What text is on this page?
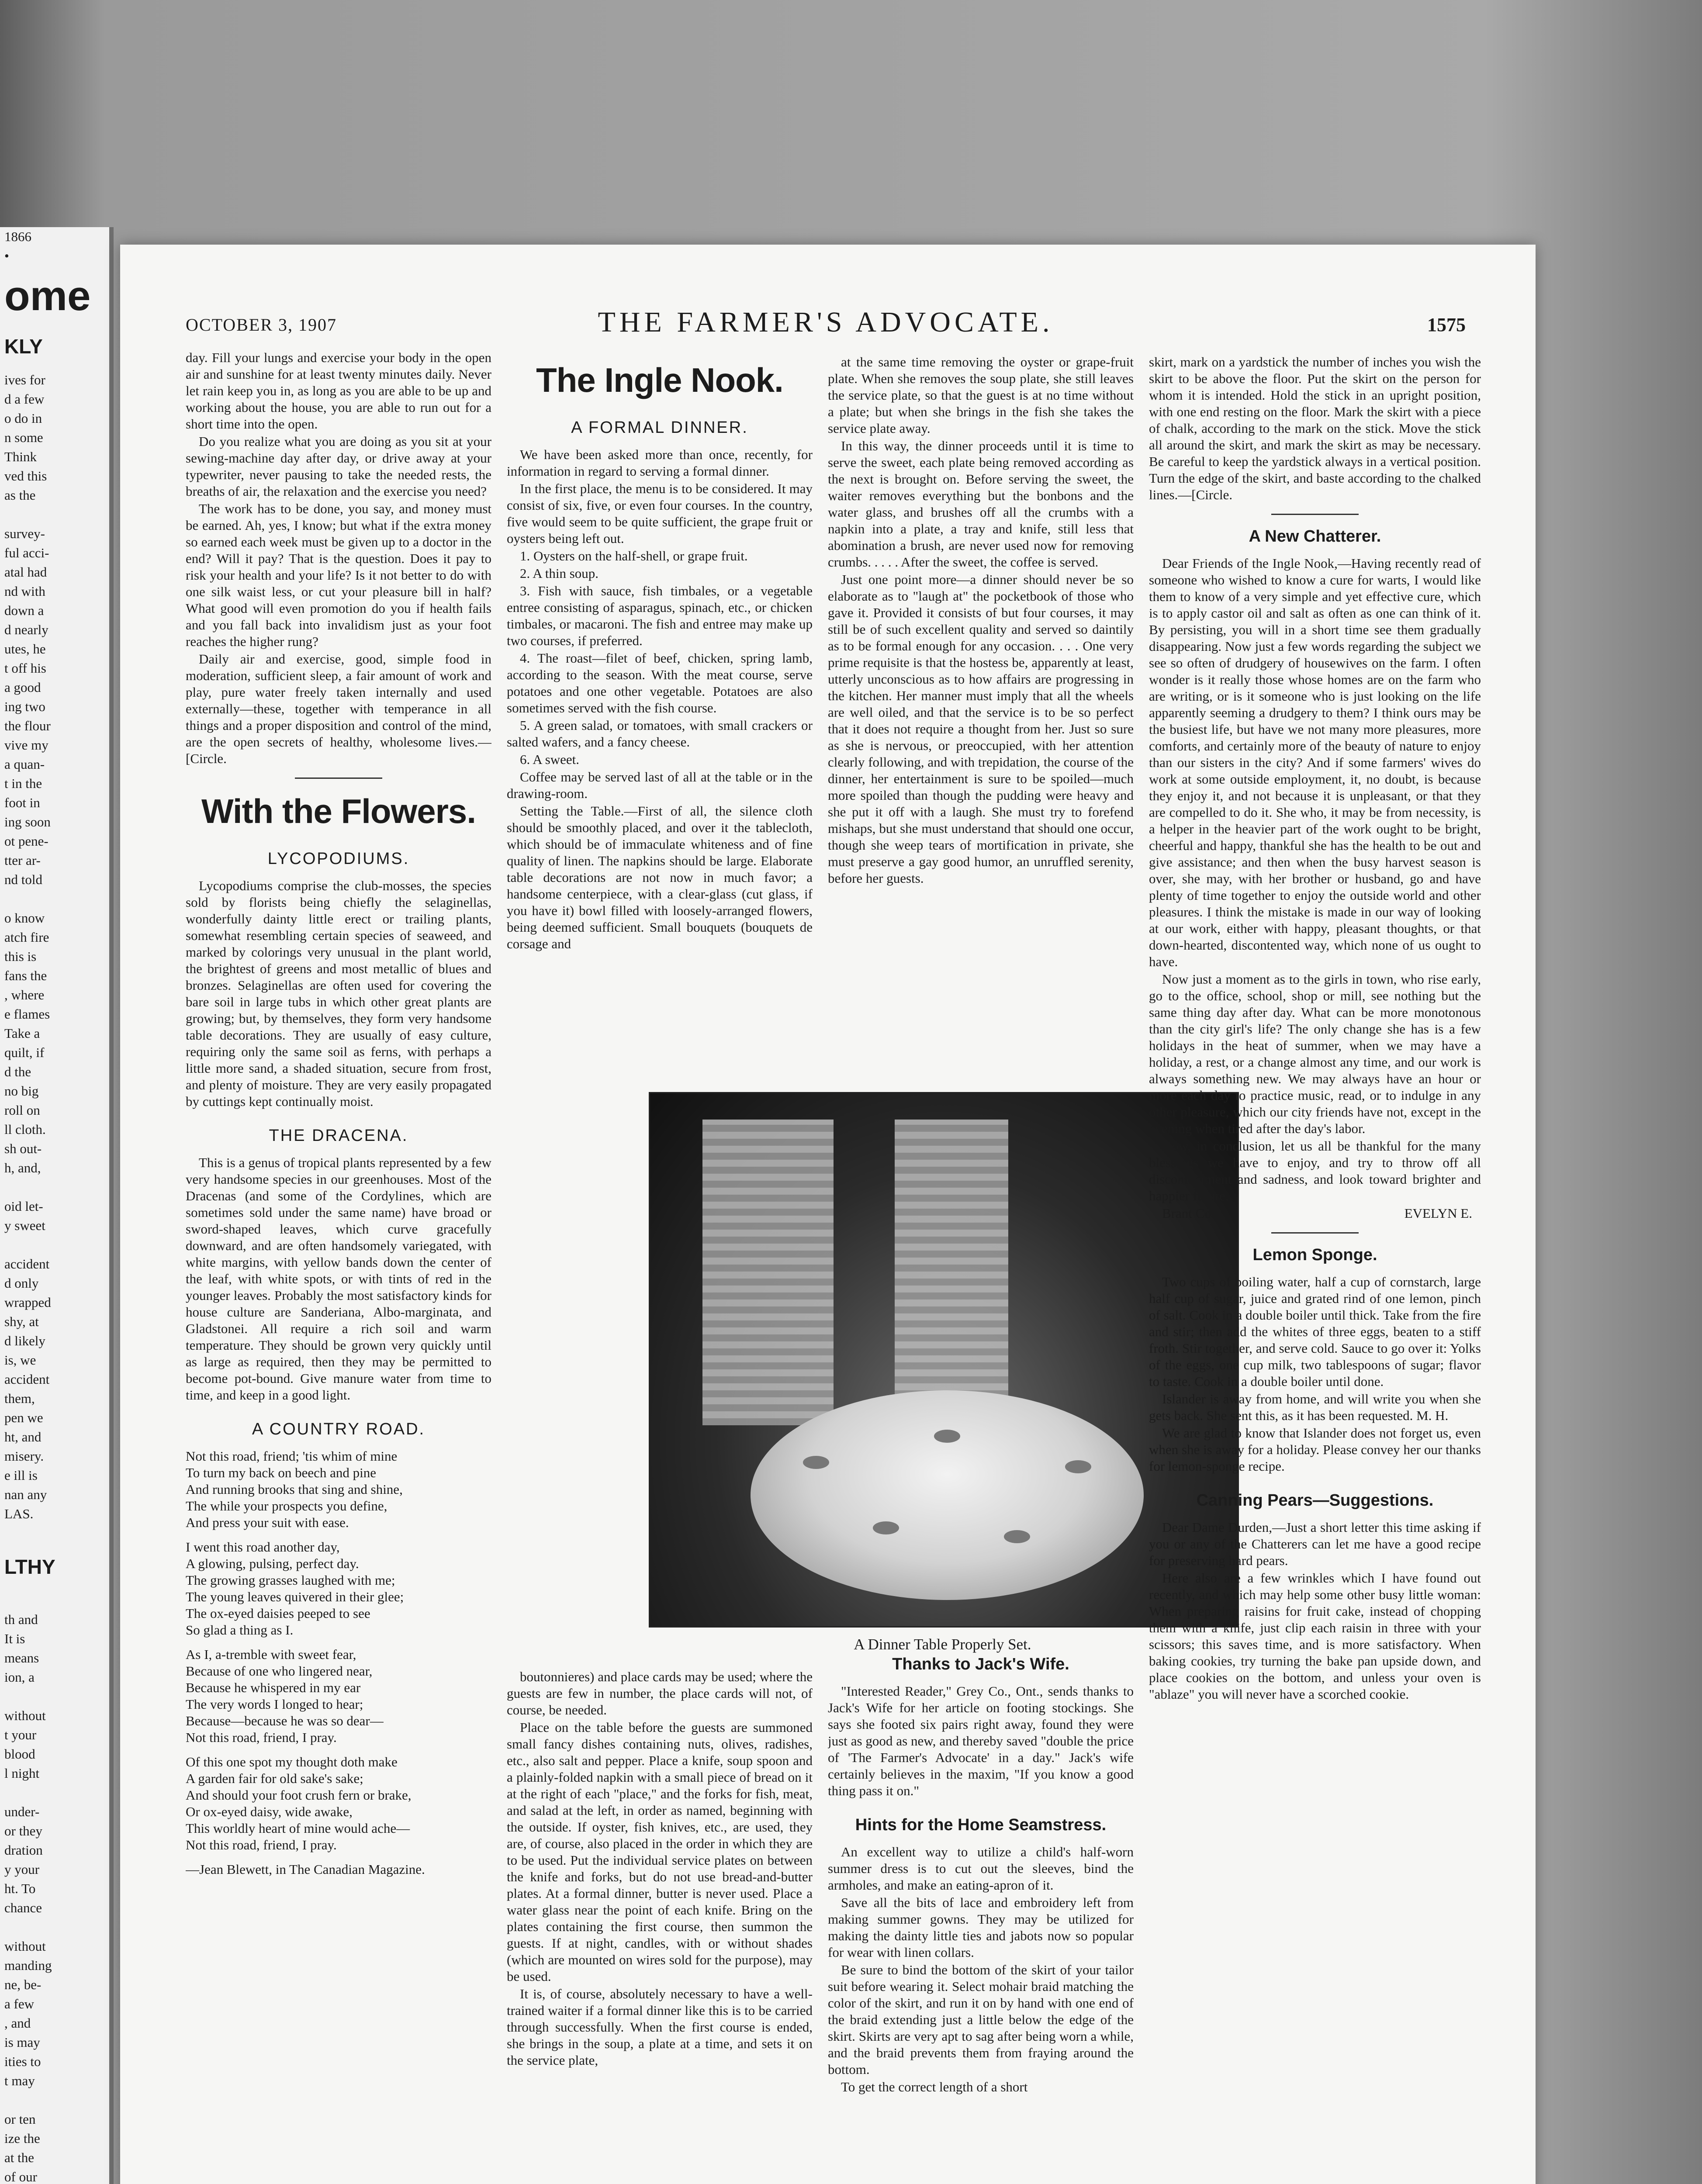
1866
•
ome
KLY
ives for
d a few
o do in
n some
Think
ved this
as the

survey-
ful acci-
atal had
nd with
down a
d nearly
utes, he
t off his
a good
ing two
the flour
vive my
a quan-
t in the
foot in
ing soon
ot pene-
tter ar-
nd told

o know
atch fire
this is
fans the
, where
e flames
Take a
quilt, if
d the
no big
roll on
ll cloth.
sh out-
h, and,

oid let-
y sweet

accident
d only
wrapped
shy, at
d likely
is, we
accident
them,
pen we
ht, and
misery.
e ill is
nan any
LAS.

LTHY

th and
It is
means
ion, a

without
t your
blood
l night

under-
or they
dration
y your
ht. To
chance

without
manding
ne, be-
a few
, and
is may
ities to
t may

or ten
ize the
at the
of our

OCTOBER 3, 1907	THE FARMER'S ADVOCATE.	1575

day. Fill your lungs and exercise your body in the open air and sunshine for at least twenty minutes daily. Never let rain keep you in, as long as you are able to be up and working about the house, you are able to run out for a short time into the open.

Do you realize what you are doing as you sit at your sewing-machine day after day, or drive away at your typewriter, never pausing to take the needed rests, the breaths of air, the relaxation and the exercise you need?

The work has to be done, you say, and money must be earned. Ah, yes, I know; but what if the extra money so earned each week must be given up to a doctor in the end? Will it pay? That is the question. Does it pay to risk your health and your life? Is it not better to do with one silk waist less, or cut your pleasure bill in half? What good will even promotion do you if health fails and you fall back into invalidism just as your foot reaches the higher rung?

Daily air and exercise, good, simple food in moderation, sufficient sleep, a fair amount of work and play, pure water freely taken internally and used externally—these, together with temperance in all things and a proper disposition and control of the mind, are the open secrets of healthy, wholesome lives.—[Circle.

With the Flowers.
LYCOPODIUMS.

Lycopodiums comprise the club-mosses, the species sold by florists being chiefly the selaginellas, wonderfully dainty little erect or trailing plants, somewhat resembling certain species of seaweed, and marked by colorings very unusual in the plant world, the brightest of greens and most metallic of blues and bronzes. Selaginellas are often used for covering the bare soil in large tubs in which other great plants are growing; but, by themselves, they form very handsome table decorations. They are usually of easy culture, requiring only the same soil as ferns, with perhaps a little more sand, a shaded situation, secure from frost, and plenty of moisture. They are very easily propagated by cuttings kept continually moist.

THE DRACENA.

This is a genus of tropical plants represented by a few very handsome species in our greenhouses. Most of the Dracenas (and some of the Cordylines, which are sometimes sold under the same name) have broad or sword-shaped leaves, which curve gracefully downward, and are often handsomely variegated, with white margins, with yellow bands down the center of the leaf, with white spots, or with tints of red in the younger leaves. Probably the most satisfactory kinds for house culture are Sanderiana, Albo-marginata, and Gladstonei. All require a rich soil and warm temperature. They should be grown very quickly until as large as required, then they may be permitted to become pot-bound. Give manure water from time to time, and keep in a good light.

A COUNTRY ROAD.

Not this road, friend; 'tis whim of mine

To turn my back on beech and pine

And running brooks that sing and shine,

The while your prospects you define,

And press your suit with ease.

I went this road another day,

A glowing, pulsing, perfect day.

The growing grasses laughed with me;

The young leaves quivered in their glee;

The ox-eyed daisies peeped to see

So glad a thing as I.

As I, a-tremble with sweet fear,

Because of one who lingered near,

Because he whispered in my ear

The very words I longed to hear;

Because—because he was so dear—

Not this road, friend, I pray.

Of this one spot my thought doth make

A garden fair for old sake's sake;

And should your foot crush fern or brake,

Or ox-eyed daisy, wide awake,

This worldly heart of mine would ache—

Not this road, friend, I pray.

—Jean Blewett, in The Canadian Magazine.

The Ingle Nook.
A FORMAL DINNER.

We have been asked more than once, recently, for information in regard to serving a formal dinner.

In the first place, the menu is to be considered. It may consist of six, five, or even four courses. In the country, five would seem to be quite sufficient, the grape fruit or oysters being left out.

1. Oysters on the half-shell, or grape fruit.

2. A thin soup.

3. Fish with sauce, fish timbales, or a vegetable entree consisting of asparagus, spinach, etc., or chicken timbales, or macaroni. The fish and entree may make up two courses, if preferred.

4. The roast—filet of beef, chicken, spring lamb, according to the season. With the meat course, serve potatoes and one other vegetable. Potatoes are also sometimes served with the fish course.

5. A green salad, or tomatoes, with small crackers or salted wafers, and a fancy cheese.

6. A sweet.

Coffee may be served last of all at the table or in the drawing-room.

Setting the Table.—First of all, the silence cloth should be smoothly placed, and over it the tablecloth, which should be of immaculate whiteness and of fine quality of linen. The napkins should be large. Elaborate table decorations are not now in much favor; a handsome centerpiece, with a clear-glass (cut glass, if you have it) bowl filled with loosely-arranged flowers, being deemed sufficient. Small bouquets (bouquets de corsage and

at the same time removing the oyster or grape-fruit plate. When she removes the soup plate, she still leaves the service plate, so that the guest is at no time without a plate; but when she brings in the fish she takes the service plate away.

In this way, the dinner proceeds until it is time to serve the sweet, each plate being removed according as the next is brought on. Before serving the sweet, the waiter removes everything but the bonbons and the water glass, and brushes off all the crumbs with a napkin into a plate, a tray and knife, still less that abomination a brush, are never used now for removing crumbs. . . . . After the sweet, the coffee is served.

Just one point more—a dinner should never be so elaborate as to "laugh at" the pocketbook of those who gave it. Provided it consists of but four courses, it may still be of such excellent quality and served so daintily as to be formal enough for any occasion. . . . One very prime requisite is that the hostess be, apparently at least, utterly unconscious as to how affairs are progressing in the kitchen. Her manner must imply that all the wheels are well oiled, and that the service is to be so perfect that it does not require a thought from her. Just so sure as she is nervous, or preoccupied, with her attention clearly following, and with trepidation, the course of the dinner, her entertainment is sure to be spoiled—much more spoiled than though the pudding were heavy and she put it off with a laugh. She must try to forefend mishaps, but she must understand that should one occur, though she weep tears of mortification in private, she must preserve a gay good humor, an unruffled serenity, before her guests.

A Dinner Table Properly Set.

boutonnieres) and place cards may be used; where the guests are few in number, the place cards will not, of course, be needed.

Place on the table before the guests are summoned small fancy dishes containing nuts, olives, radishes, etc., also salt and pepper. Place a knife, soup spoon and a plainly-folded napkin with a small piece of bread on it at the right of each "place," and the forks for fish, meat, and salad at the left, in order as named, beginning with the outside. If oyster, fish knives, etc., are used, they are, of course, also placed in the order in which they are to be used. Put the individual service plates on between the knife and forks, but do not use bread-and-butter plates. At a formal dinner, butter is never used. Place a water glass near the point of each knife. Bring on the plates containing the first course, then summon the guests. If at night, candles, with or without shades (which are mounted on wires sold for the purpose), may be used.

It is, of course, absolutely necessary to have a well-trained waiter if a formal dinner like this is to be carried through successfully. When the first course is ended, she brings in the soup, a plate at a time, and sets it on the service plate,

Thanks to Jack's Wife.

"Interested Reader," Grey Co., Ont., sends thanks to Jack's Wife for her article on footing stockings. She says she footed six pairs right away, found they were just as good as new, and thereby saved "double the price of 'The Farmer's Advocate' in a day." Jack's wife certainly believes in the maxim, "If you know a good thing pass it on."

Hints for the Home Seamstress.

An excellent way to utilize a child's half-worn summer dress is to cut out the sleeves, bind the armholes, and make an eating-apron of it.

Save all the bits of lace and embroidery left from making summer gowns. They may be utilized for making the dainty little ties and jabots now so popular for wear with linen collars.

Be sure to bind the bottom of the skirt of your tailor suit before wearing it. Select mohair braid matching the color of the skirt, and run it on by hand with one end of the braid extending just a little below the edge of the skirt. Skirts are very apt to sag after being worn a while, and the braid prevents them from fraying around the bottom.

To get the correct length of a short

skirt, mark on a yardstick the number of inches you wish the skirt to be above the floor. Put the skirt on the person for whom it is intended. Hold the stick in an upright position, with one end resting on the floor. Mark the skirt with a piece of chalk, according to the mark on the stick. Move the stick all around the skirt, and mark the skirt as may be necessary. Be careful to keep the yardstick always in a vertical position. Turn the edge of the skirt, and baste according to the chalked lines.—[Circle.

A New Chatterer.

Dear Friends of the Ingle Nook,—Having recently read of someone who wished to know a cure for warts, I would like them to know of a very simple and yet effective cure, which is to apply castor oil and salt as often as one can think of it. By persisting, you will in a short time see them gradually disappearing. Now just a few words regarding the subject we see so often of drudgery of housewives on the farm. I often wonder is it really those whose homes are on the farm who are writing, or is it someone who is just looking on the life apparently seeming a drudgery to them? I think ours may be the busiest life, but have we not many more pleasures, more comforts, and certainly more of the beauty of nature to enjoy than our sisters in the city? And if some farmers' wives do work at some outside employment, it, no doubt, is because they enjoy it, and not because it is unpleasant, or that they are compelled to do it. She who, it may be from necessity, is a helper in the heavier part of the work ought to be bright, cheerful and happy, thankful she has the health to be out and give assistance; and then when the busy harvest season is over, she may, with her brother or husband, go and have plenty of time together to enjoy the outside world and other pleasures. I think the mistake is made in our way of looking at our work, either with happy, pleasant thoughts, or that down-hearted, discontented way, which none of us ought to have.

Now just a moment as to the girls in town, who rise early, go to the office, school, shop or mill, see nothing but the same thing day after day. What can be more monotonous than the city girl's life? The only change she has is a few holidays in the heat of summer, when we may have a holiday, a rest, or a change almost any time, and our work is always something new. We may always have an hour or more each day to practice music, read, or to indulge in any other pleasure, which our city friends have not, except in the evening when tired after the day's labor.

Now, in conclusion, let us all be thankful for the many blessings we have to enjoy, and try to throw off all discontentment and sadness, and look toward brighter and happier future.

Brant Co.	EVELYN E.
Lemon Sponge.

Two cups of boiling water, half a cup of cornstarch, large half cup of sugar, juice and grated rind of one lemon, pinch of salt. Cook in a double boiler until thick. Take from the fire and stir; then add the whites of three eggs, beaten to a stiff froth. Stir together, and serve cold. Sauce to go over it: Yolks of the eggs, one cup milk, two tablespoons of sugar; flavor to taste. Cook in a double boiler until done.

Islander is away from home, and will write you when she gets back. She sent this, as it has been requested. M. H.

We are glad to know that Islander does not forget us, even when she is away for a holiday. Please convey her our thanks for lemon-sponge recipe.

Canning Pears—Suggestions.

Dear Dame Durden,—Just a short letter this time asking if you or any of the Chatterers can let me have a good recipe for preserving hard pears.

Here also are a few wrinkles which I have found out recently, and which may help some other busy little woman: When preparing raisins for fruit cake, instead of chopping them with a knife, just clip each raisin in three with your scissors; this saves time, and is more satisfactory. When baking cookies, try turning the bake pan upside down, and place cookies on the bottom, and unless your oven is "ablaze" you will never have a scorched cookie.
